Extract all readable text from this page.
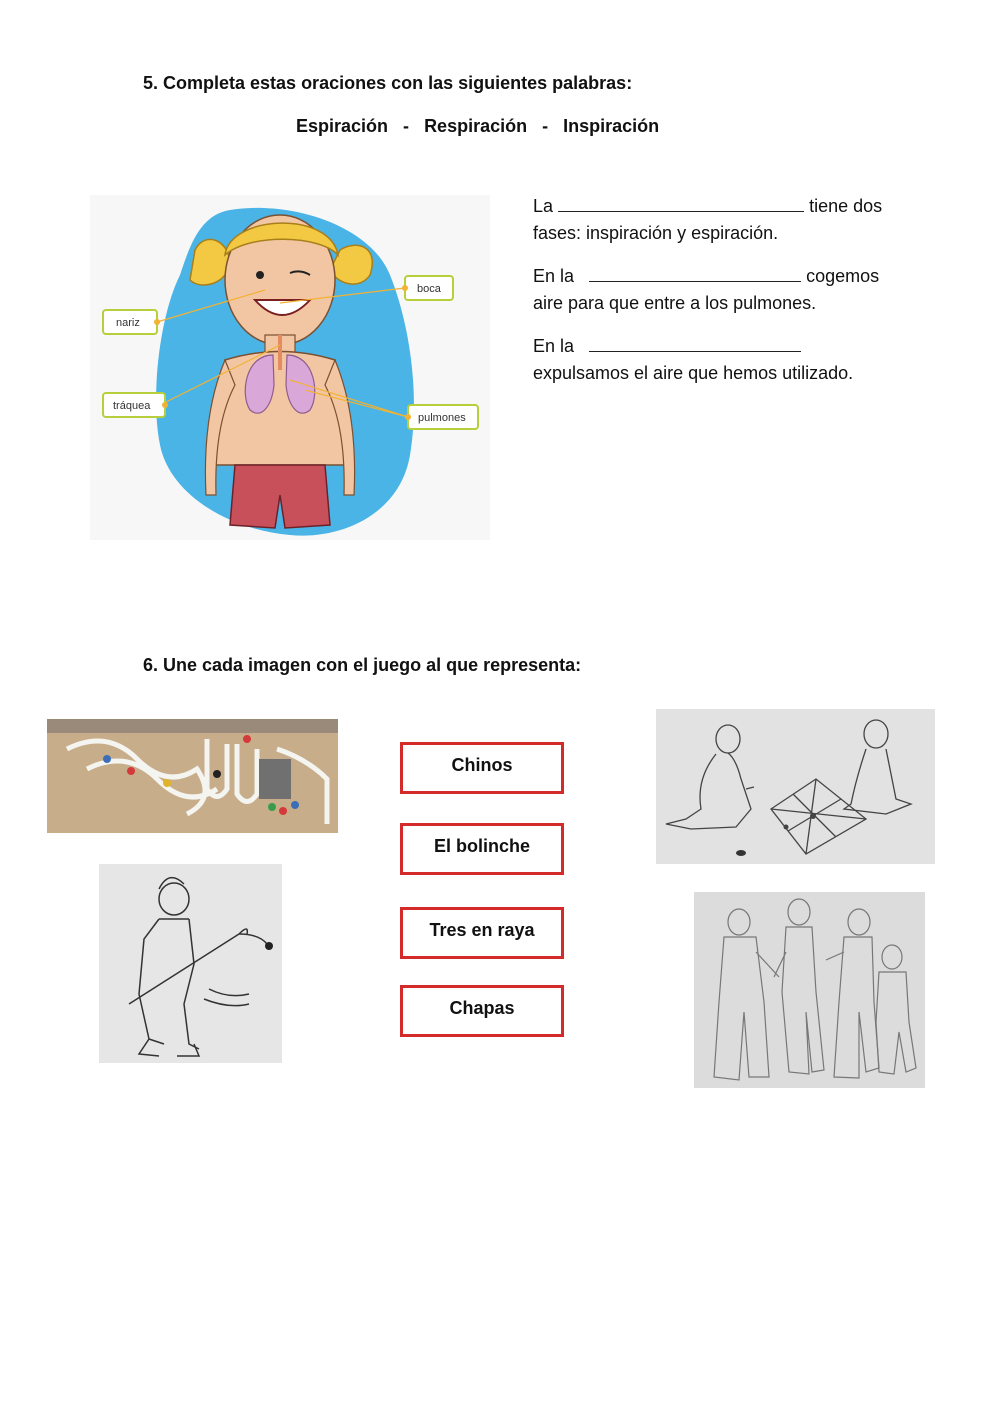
5. Completa estas oraciones con las siguientes palabras:
Espiración - Respiración - Inspiración
nariz
boca
tráquea
pulmones
La	tiene dos
fases: inspiración y espiración.
En la	cogemos
aire para que entre a los pulmones.
En la
expulsamos el aire que hemos utilizado.
6. Une cada imagen con el juego al que representa:
Chinos
El bolinche
Tres en raya
Chapas
